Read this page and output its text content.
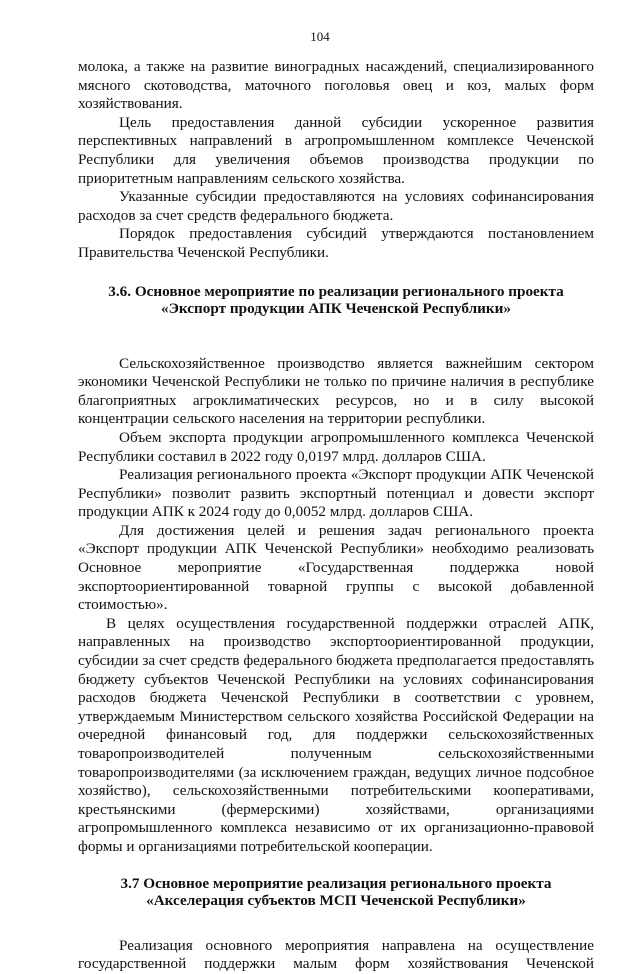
104

молока, а также на развитие виноградных насаждений, специализированного мясного скотоводства, маточного поголовья овец и коз, малых форм хозяйствования.

Цель предоставления данной субсидии ускоренное развития перспективных направлений в агропромышленном комплексе Чеченской Республики для увеличения объемов производства продукции по приоритетным направлениям сельского хозяйства.

Указанные субсидии предоставляются на условиях софинансирования расходов за счет средств федерального бюджета.

Порядок предоставления субсидий утверждаются постановлением Правительства Чеченской Республики.

3.6. Основное мероприятие по реализации регионального проекта
«Экспорт продукции АПК Чеченской Республики»

Сельскохозяйственное производство является важнейшим сектором экономики Чеченской Республики не только по причине наличия в республике благоприятных агроклиматических ресурсов, но и в силу высокой концентрации сельского населения на территории республики.

Объем экспорта продукции агропромышленного комплекса Чеченской Республики составил в 2022 году 0,0197 млрд. долларов США.

Реализация регионального проекта «Экспорт продукции АПК Чеченской Республики» позволит развить экспортный потенциал и довести экспорт продукции АПК к 2024 году до 0,0052 млрд. долларов США.

Для достижения целей и решения задач регионального проекта «Экспорт продукции АПК Чеченской Республики» необходимо реализовать Основное мероприятие «Государственная поддержка новой экспортоориентированной товарной группы с высокой добавленной стоимостью».

В целях осуществления государственной поддержки отраслей АПК, направленных на производство экспортоориентированной продукции, субсидии за счет средств федерального бюджета предполагается предоставлять бюджету субъектов Чеченской Республики на условиях софинансирования расходов бюджета Чеченской Республики в соответствии с уровнем, утверждаемым Министерством сельского хозяйства Российской Федерации на очередной финансовый год, для поддержки сельскохозяйственных товаропроизводителей полученным сельскохозяйственными товаропроизводителями (за исключением граждан, ведущих личное подсобное хозяйство), сельскохозяйственными потребительскими кооперативами, крестьянскими (фермерскими) хозяйствами, организациями агропромышленного комплекса независимо от их организационно-правовой формы и организациями потребительской кооперации.

3.7 Основное мероприятие реализация регионального проекта
«Акселерация субъектов МСП Чеченской Республики»

Реализация основного мероприятия направлена на осуществление государственной поддержки малым форм хозяйствования Чеченской
